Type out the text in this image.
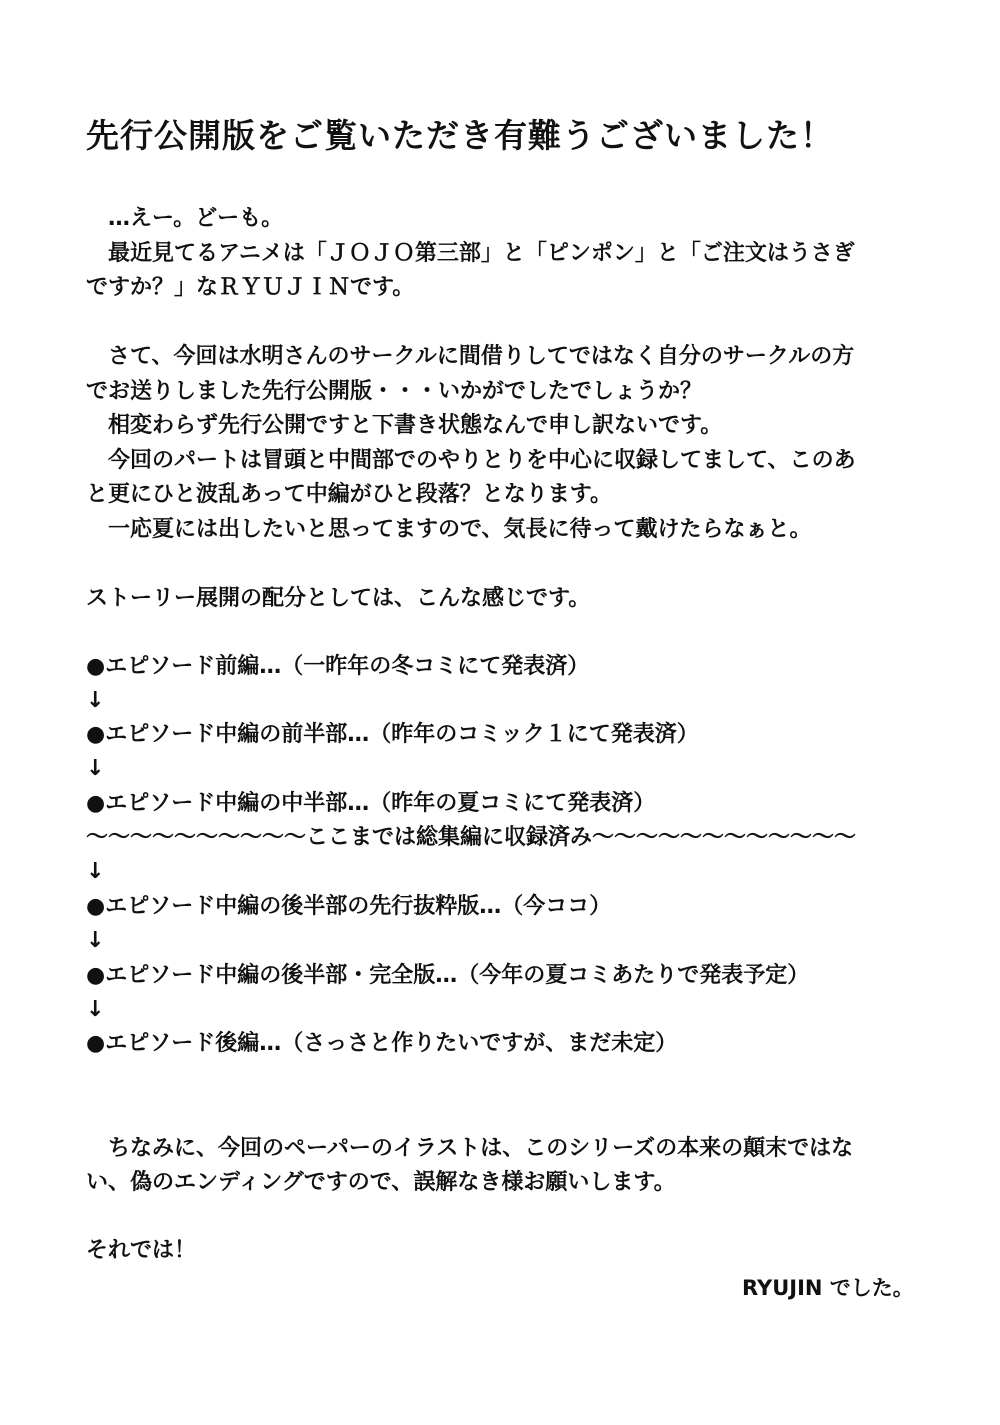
先行公開版をご覧いただき有難うございました！
…えー。どーも。
最近見てるアニメは「ＪＯＪＯ第三部」と「ピンポン」と「ご注文はうさぎ
ですか？」なＲＹＵＪＩＮです。
さて、今回は水明さんのサークルに間借りしてではなく自分のサークルの方
でお送りしました先行公開版・・・いかがでしたでしょうか？
相変わらず先行公開ですと下書き状態なんで申し訳ないです。
今回のパートは冒頭と中間部でのやりとりを中心に収録してまして、このあ
と更にひと波乱あって中編がひと段落？となります。
一応夏には出したいと思ってますので、気長に待って戴けたらなぁと。
ストーリー展開の配分としては、こんな感じです。
●エピソード前編…（一昨年の冬コミにて発表済）
↓
●エピソード中編の前半部…（昨年のコミック１にて発表済）
↓
●エピソード中編の中半部…（昨年の夏コミにて発表済）
～～～～～～～～～～ここまでは総集編に収録済み～～～～～～～～～～～～
↓
●エピソード中編の後半部の先行抜粋版…（今ココ）
↓
●エピソード中編の後半部・完全版…（今年の夏コミあたりで発表予定）
↓
●エピソード後編…（さっさと作りたいですが、まだ未定）
ちなみに、今回のペーパーのイラストは、このシリーズの本来の顛末ではな
い、偽のエンディングですので、誤解なき様お願いします。
それでは！
RYUJIN でした。
